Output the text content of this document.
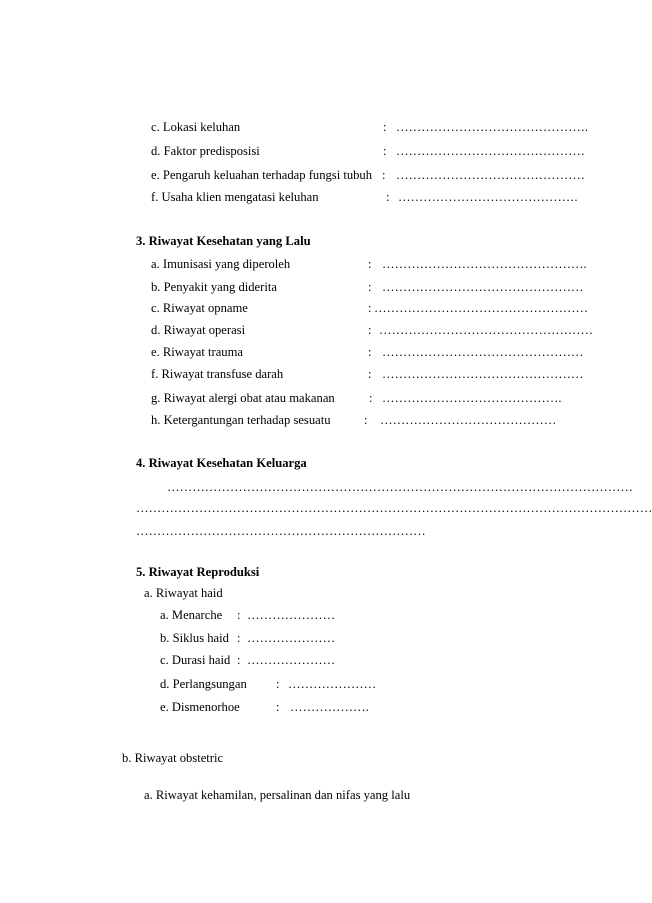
c. Lokasi keluhan	: ……………………………………….
d. Faktor predisposisi	: ………………………………………
e. Pengaruh keluahan terhadap fungsi tubuh : ………………………………………
f. Usaha klien mengatasi keluhan	: …………………………………….
3. Riwayat Kesehatan yang Lalu
a. Imunisasi yang diperoleh	: ………………………………………….
b. Penyakit yang diderita	: …………………………………………
c. Riwayat opname	: ……………………………………………
d. Riwayat operasi	: ……………………………………………
e. Riwayat trauma	: …………………………………………
f. Riwayat transfuse darah	: …………………………………………
g. Riwayat alergi obat atau makanan	: …………………………………….
h. Ketergantungan terhadap sesuatu	: ……………………………………
4. Riwayat Kesehatan Keluarga
…………………………………………………………………………………………………
……………………………………………………………………………………………………………
……………………………………………………………
5. Riwayat Reproduksi
a. Riwayat haid
a. Menarche : …………………
b. Siklus haid : …………………
c. Durasi haid : …………………
d. Perlangsungan : …………………
e. Dismenorhoe	: ……………….
b. Riwayat obstetric
a. Riwayat kehamilan, persalinan dan nifas yang lalu
